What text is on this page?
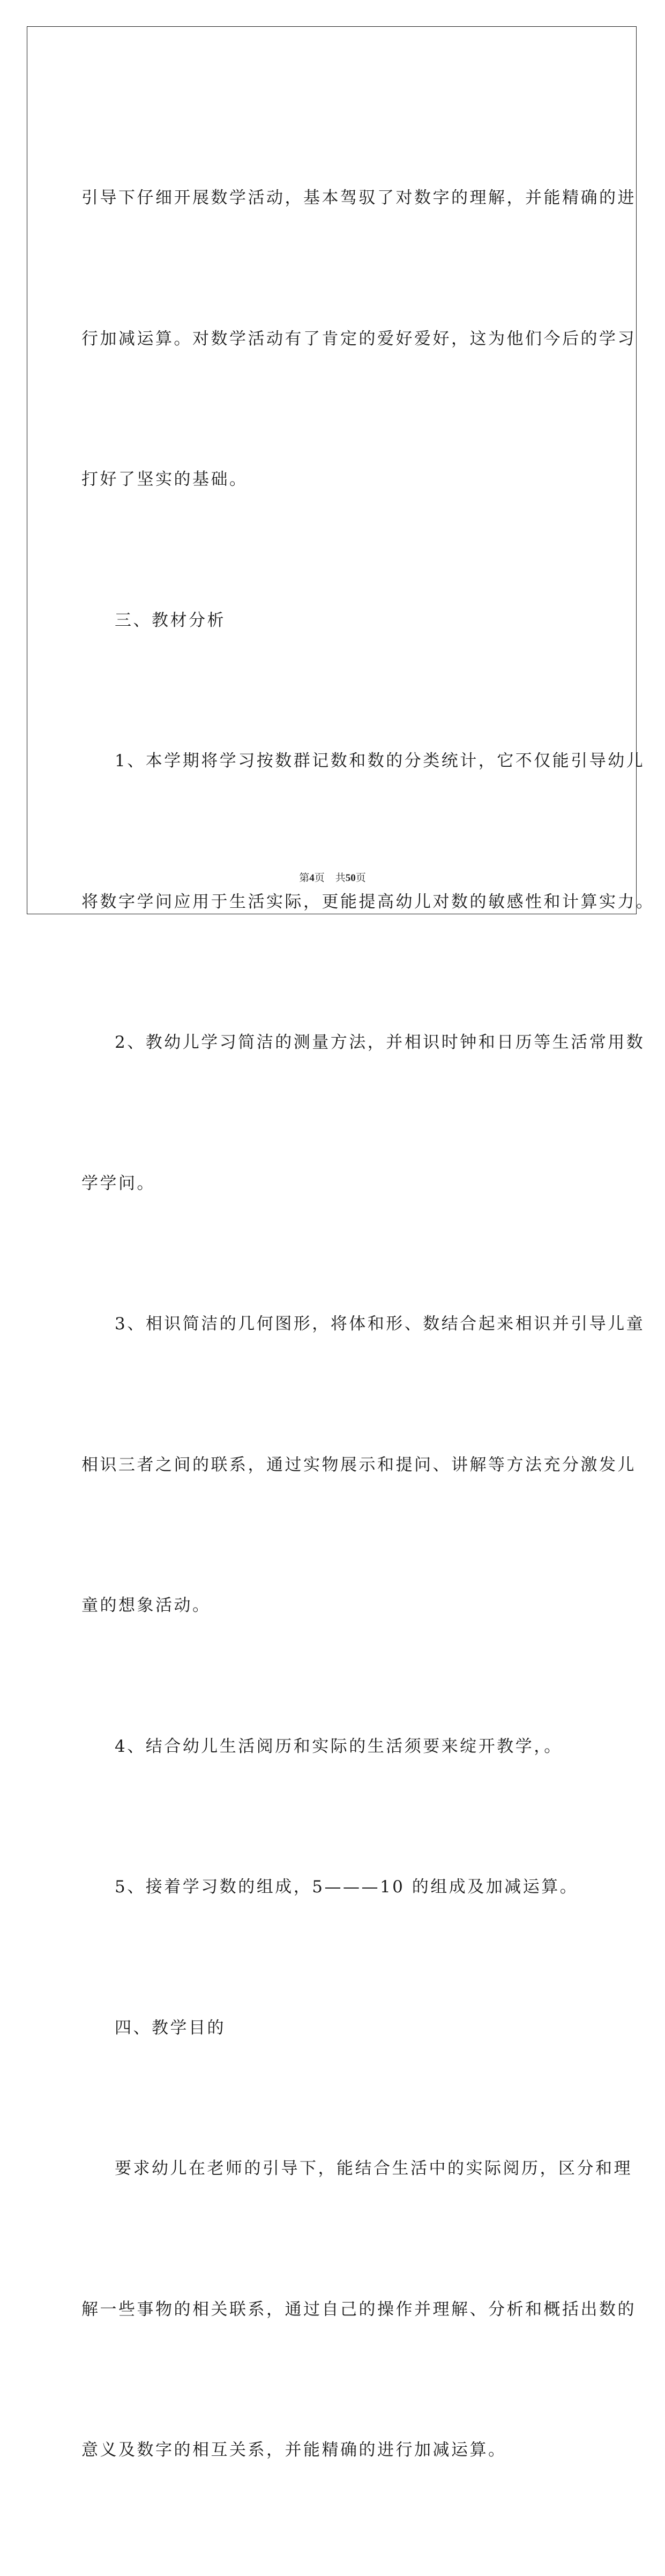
引导下仔细开展数学活动，基本驾驭了对数字的理解，并能精确的进

行加减运算。对数学活动有了肯定的爱好爱好，这为他们今后的学习

打好了坚实的基础。

三、教材分析

1、本学期将学习按数群记数和数的分类统计，它不仅能引导幼儿

将数字学问应用于生活实际，更能提高幼儿对数的敏感性和计算实力。

2、教幼儿学习简洁的测量方法，并相识时钟和日历等生活常用数

学学问。

3、相识简洁的几何图形，将体和形、数结合起来相识并引导儿童

相识三者之间的联系，通过实物展示和提问、讲解等方法充分激发儿

童的想象活动。

4、结合幼儿生活阅历和实际的生活须要来绽开教学，。

5、接着学习数的组成，5———10 的组成及加减运算。

四、教学目的

要求幼儿在老师的引导下，能结合生活中的实际阅历，区分和理

解一些事物的相关联系，通过自己的操作并理解、分析和概括出数的

意义及数字的相互关系，并能精确的进行加减运算。

第4页 共50页
